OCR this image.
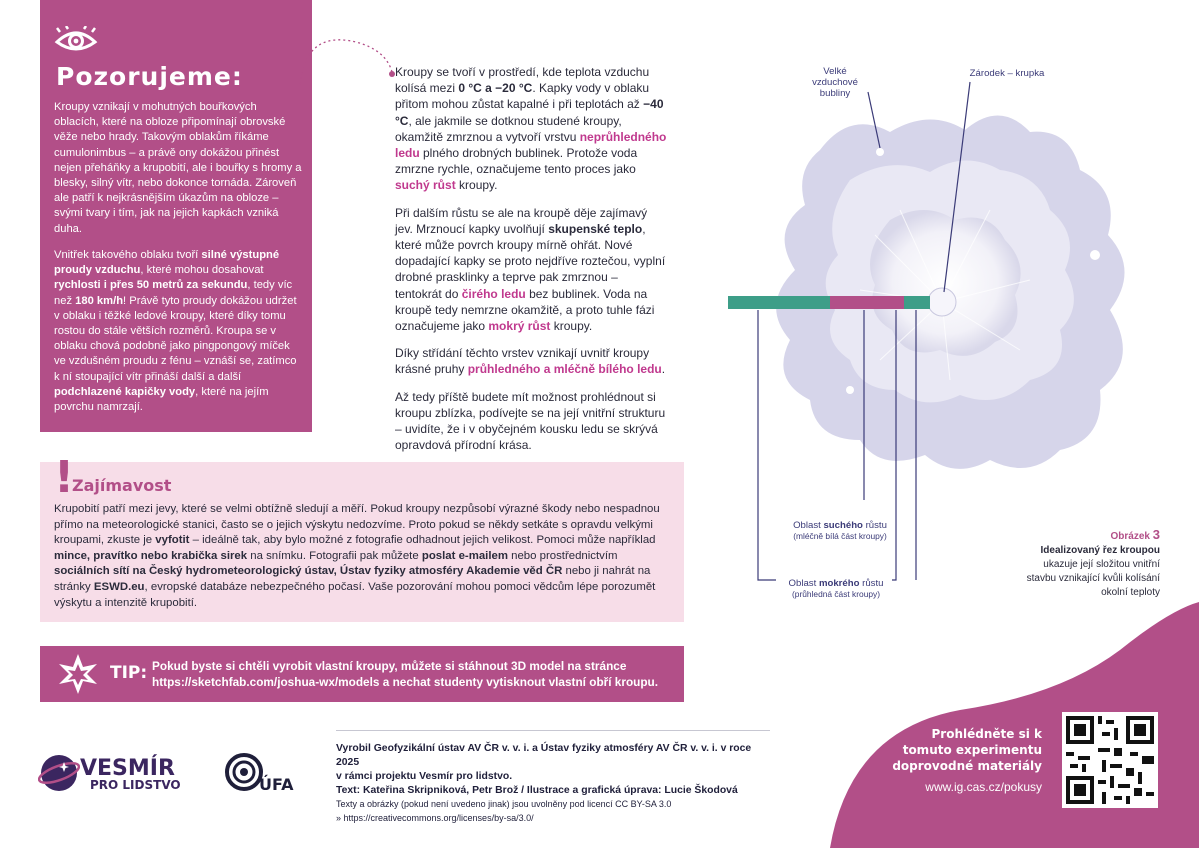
Pozorujeme:
Kroupy vznikají v mohutných bouřkových oblacích, které na obloze připomínají obrovské věže nebo hrady. Takovým oblakům říkáme cumulonimbus – a právě ony dokážou přinést nejen přeháňky a krupobití, ale i bouřky s hromy a blesky, silný vítr, nebo dokonce tornáda. Zároveň ale patří k nejkrásnějším úkazům na obloze – svými tvary i tím, jak na jejich kapkách vzniká duha.
Vnitřek takového oblaku tvoří silné výstupné proudy vzduchu, které mohou dosahovat rychlosti i přes 50 metrů za sekundu, tedy víc než 180 km/h! Právě tyto proudy dokážou udržet v oblaku i těžké ledové kroupy, které díky tomu rostou do stále větších rozměrů. Kroupa se v oblaku chová podobně jako pingpongový míček ve vzdušném proudu z fénu – vznáší se, zatímco k ní stoupající vítr přináší další a další podchlazené kapičky vody, které na jejím povrchu namrzají.

Kroupy se tvoří v prostředí, kde teplota vzduchu kolísá mezi 0 °C a −20 °C. Kapky vody v oblaku přitom mohou zůstat kapalné i při teplotách až −40 °C, ale jakmile se dotknou studené kroupy, okamžitě zmrznou a vytvoří vrstvu neprůhledného ledu plného drobných bublinek. Protože voda zmrzne rychle, označujeme tento proces jako suchý růst kroupy.

Při dalším růstu se ale na kroupě děje zajímavý jev. Mrznoucí kapky uvolňují skupenské teplo, které může povrch kroupy mírně ohřát. Nové dopadající kapky se proto nejdříve roztečou, vyplní drobné prasklinky a teprve pak zmrznou – tentokrát do čirého ledu bez bublinek. Voda na kroupě tedy nemrzne okamžitě, a proto tuhle fázi označujeme jako mokrý růst kroupy.

Díky střídání těchto vrstev vznikají uvnitř kroupy krásné pruhy průhledného a mléčně bílého ledu.

Až tedy příště budete mít možnost prohlédnout si kroupu zblízka, podívejte se na její vnitřní strukturu – uvidíte, že i v obyčejném kousku ledu se skrývá opravdová přírodní krása.

Velké vzduchové bubliny
Zárodek – krupka
Oblast suchého růstu
(mléčně bílá část kroupy)
Oblast mokrého růstu
(průhledná část kroupy)
Obrázek 3
Idealizovaný řez kroupou
ukazuje její složitou vnitřní stavbu vznikající kvůli kolísání okolní teploty
!
Zajímavost
Krupobití patří mezi jevy, které se velmi obtížně sledují a měří. Pokud kroupy nezpůsobí výrazné škody nebo nespadnou přímo na meteorologické stanici, často se o jejich výskytu nedozvíme. Proto pokud se někdy setkáte s opravdu velkými kroupami, zkuste je vyfotit – ideálně tak, aby bylo možné z fotografie odhadnout jejich velikost. Pomoci může například mince, pravítko nebo krabička sirek na snímku. Fotografii pak můžete poslat e-mailem nebo prostřednictvím sociálních sítí na Český hydrometeorologický ústav, Ústav fyziky atmosféry Akademie věd ČR nebo ji nahrát na stránky ESWD.eu, evropské databáze nebezpečného počasí. Vaše pozorování mohou pomoci vědcům lépe porozumět výskytu a intenzitě krupobití.
TIP: Pokud byste si chtěli vyrobit vlastní kroupy, můžete si stáhnout 3D model na stránce
https://sketchfab.com/joshua-wx/models a nechat studenty vytisknout vlastní obří kroupu.
Vyrobil Geofyzikální ústav AV ČR v. v. i. a Ústav fyziky atmosféry AV ČR v. v. i. v roce 2025
v rámci projektu Vesmír pro lidstvo.
Text: Kateřina Skripniková, Petr Brož / Ilustrace a grafická úprava: Lucie Škodová
Texty a obrázky (pokud není uvedeno jinak) jsou uvolněny pod licencí CC BY-SA 3.0
» https://creativecommons.org/licenses/by-sa/3.0/
VESMÍR
PRO LIDSTVO	ÚFA
Prohlédněte si k tomuto experimentu doprovodné materiály
www.ig.cas.cz/pokusy
